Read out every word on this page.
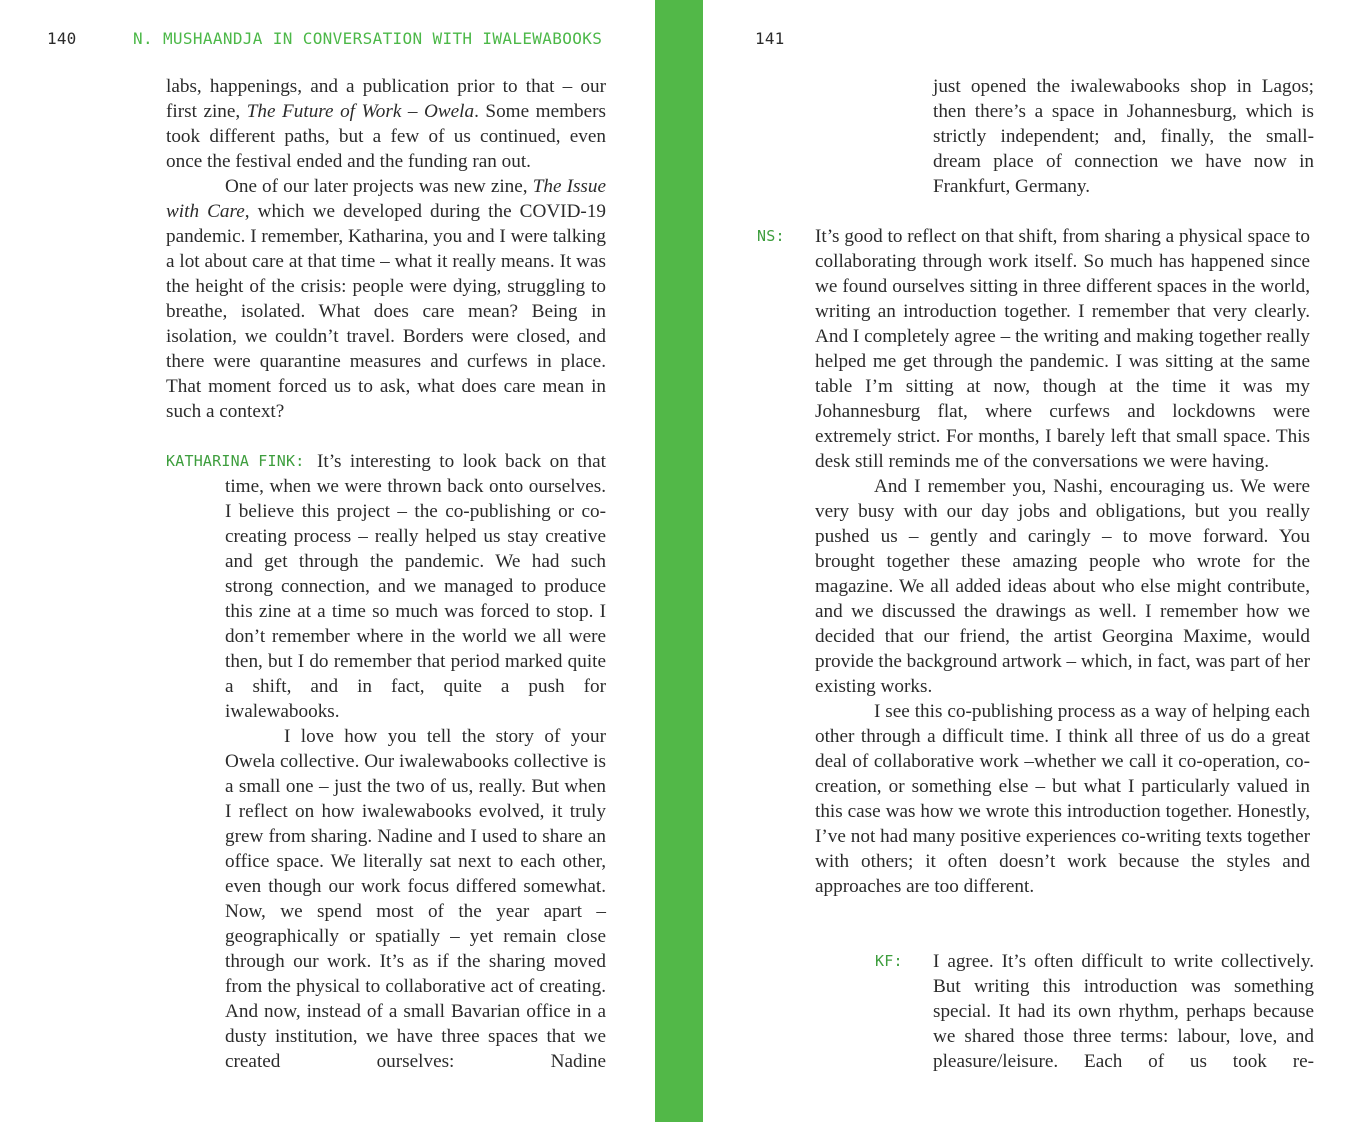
140	N. MUSHAANDJA IN CONVERSATION WITH IWALEWABOOKS

labs, happenings, and a publication prior to that – our first zine, The Future of Work – Owela. Some members took different paths, but a few of us continued, even once the festival ended and the funding ran out.

One of our later projects was new zine, The Issue with Care, which we developed during the COVID-19 pandemic. I remember, Katharina, you and I were talking a lot about care at that time – what it really means. It was the height of the crisis: people were dying, struggling to breathe, isolated. What does care mean? Being in isolation, we couldn’t travel. Borders were closed, and there were quarantine measures and curfews in place. That moment forced us to ask, what does care mean in such a context?

KATHARINA FINK: It’s interesting to look back on that

time, when we were thrown back onto ourselves. I believe this project – the co-publishing or co-creating process – really helped us stay creative and get through the pandemic. We had such strong connection, and we managed to produce this zine at a time so much was forced to stop. I don’t remember where in the world we all were then, but I do remember that period marked quite a shift, and in fact, quite a push for iwalewabooks.

I love how you tell the story of your Owela collective. Our iwalewabooks collective is a small one – just the two of us, really. But when I reflect on how iwalewabooks evolved, it truly grew from sharing. Nadine and I used to share an office space. We literally sat next to each other, even though our work focus differed somewhat. Now, we spend most of the year apart – geographically or spatially – yet remain close through our work. It’s as if the sharing moved from the physical to collaborative act of creating. And now, instead of a small Bavarian office in a dusty institution, we have three spaces that we created ourselves: Nadine

141

just opened the iwalewabooks shop in Lagos; then there’s a space in Johannesburg, which is strictly independent; and, finally, the small-dream place of connection we have now in Frankfurt, Germany.

NS: It’s good to reflect on that shift, from sharing a physical space to collaborating through work itself. So much has happened since we found ourselves sitting in three different spaces in the world, writing an introduction together. I remember that very clearly. And I completely agree – the writing and making together really helped me get through the pandemic. I was sitting at the same table I’m sitting at now, though at the time it was my Johannesburg flat, where curfews and lockdowns were extremely strict. For months, I barely left that small space. This desk still reminds me of the conversations we were having.

And I remember you, Nashi, encouraging us. We were very busy with our day jobs and obligations, but you really pushed us – gently and caringly – to move forward. You brought together these amazing people who wrote for the magazine. We all added ideas about who else might contribute, and we discussed the drawings as well. I remember how we decided that our friend, the artist Georgina Maxime, would provide the background artwork – which, in fact, was part of her existing works.

I see this co-publishing process as a way of helping each other through a difficult time. I think all three of us do a great deal of collaborative work –whether we call it co-operation, co-creation, or something else – but what I particularly valued in this case was how we wrote this introduction together. Honestly, I’ve not had many positive experiences co-writing texts together with others; it often doesn’t work because the styles and approaches are too different.

KF: I agree. It’s often difficult to write collectively. But writing this introduction was something special. It had its own rhythm, perhaps because we shared those three terms: labour, love, and pleasure/leisure. Each of us took re-
